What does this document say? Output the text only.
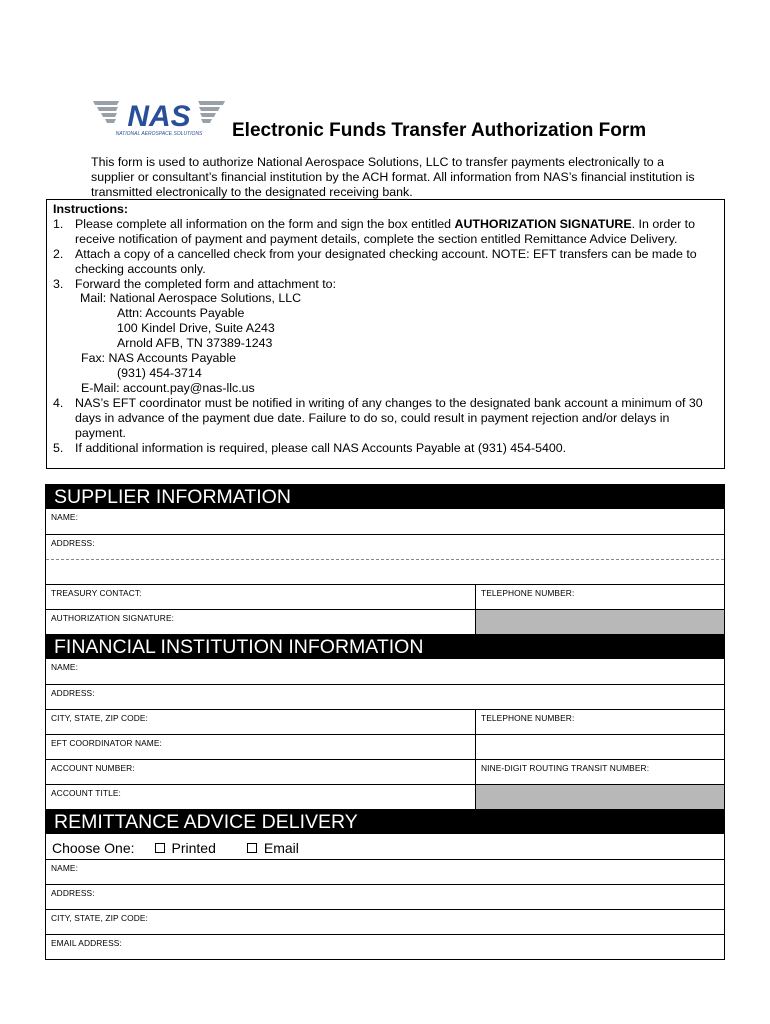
NAS
NATIONAL AEROSPACE SOLUTIONS Electronic Funds Transfer Authorization Form
This form is used to authorize National Aerospace Solutions, LLC to transfer payments electronically to a supplier or consultant’s financial institution by the ACH format. All information from NAS’s financial institution is transmitted electronically to the designated receiving bank.
Instructions:
1. Please complete all information on the form and sign the box entitled AUTHORIZATION SIGNATURE. In order to receive notification of payment and payment details, complete the section entitled Remittance Advice Delivery.
2. Attach a copy of a cancelled check from your designated checking account. NOTE: EFT transfers can be made to checking accounts only.
3. Forward the completed form and attachment to:
Mail: National Aerospace Solutions, LLC
Attn: Accounts Payable
100 Kindel Drive, Suite A243
Arnold AFB, TN 37389-1243
Fax: NAS Accounts Payable
(931) 454-3714
E-Mail: account.pay@nas-llc.us
4. NAS’s EFT coordinator must be notified in writing of any changes to the designated bank account a minimum of 30 days in advance of the payment due date. Failure to do so, could result in payment rejection and/or delays in payment.
5. If additional information is required, please call NAS Accounts Payable at (931) 454-5400.
SUPPLIER INFORMATION
NAME:
ADDRESS:
TREASURY CONTACT:	TELEPHONE NUMBER:
AUTHORIZATION SIGNATURE:
FINANCIAL INSTITUTION INFORMATION
NAME:
ADDRESS:
CITY, STATE, ZIP CODE:	TELEPHONE NUMBER:
EFT COORDINATOR NAME:
ACCOUNT NUMBER:	NINE-DIGIT ROUTING TRANSIT NUMBER:
ACCOUNT TITLE:
REMITTANCE ADVICE DELIVERY
Choose One:	Printed	Email
NAME:
ADDRESS:
CITY, STATE, ZIP CODE:
EMAIL ADDRESS:
